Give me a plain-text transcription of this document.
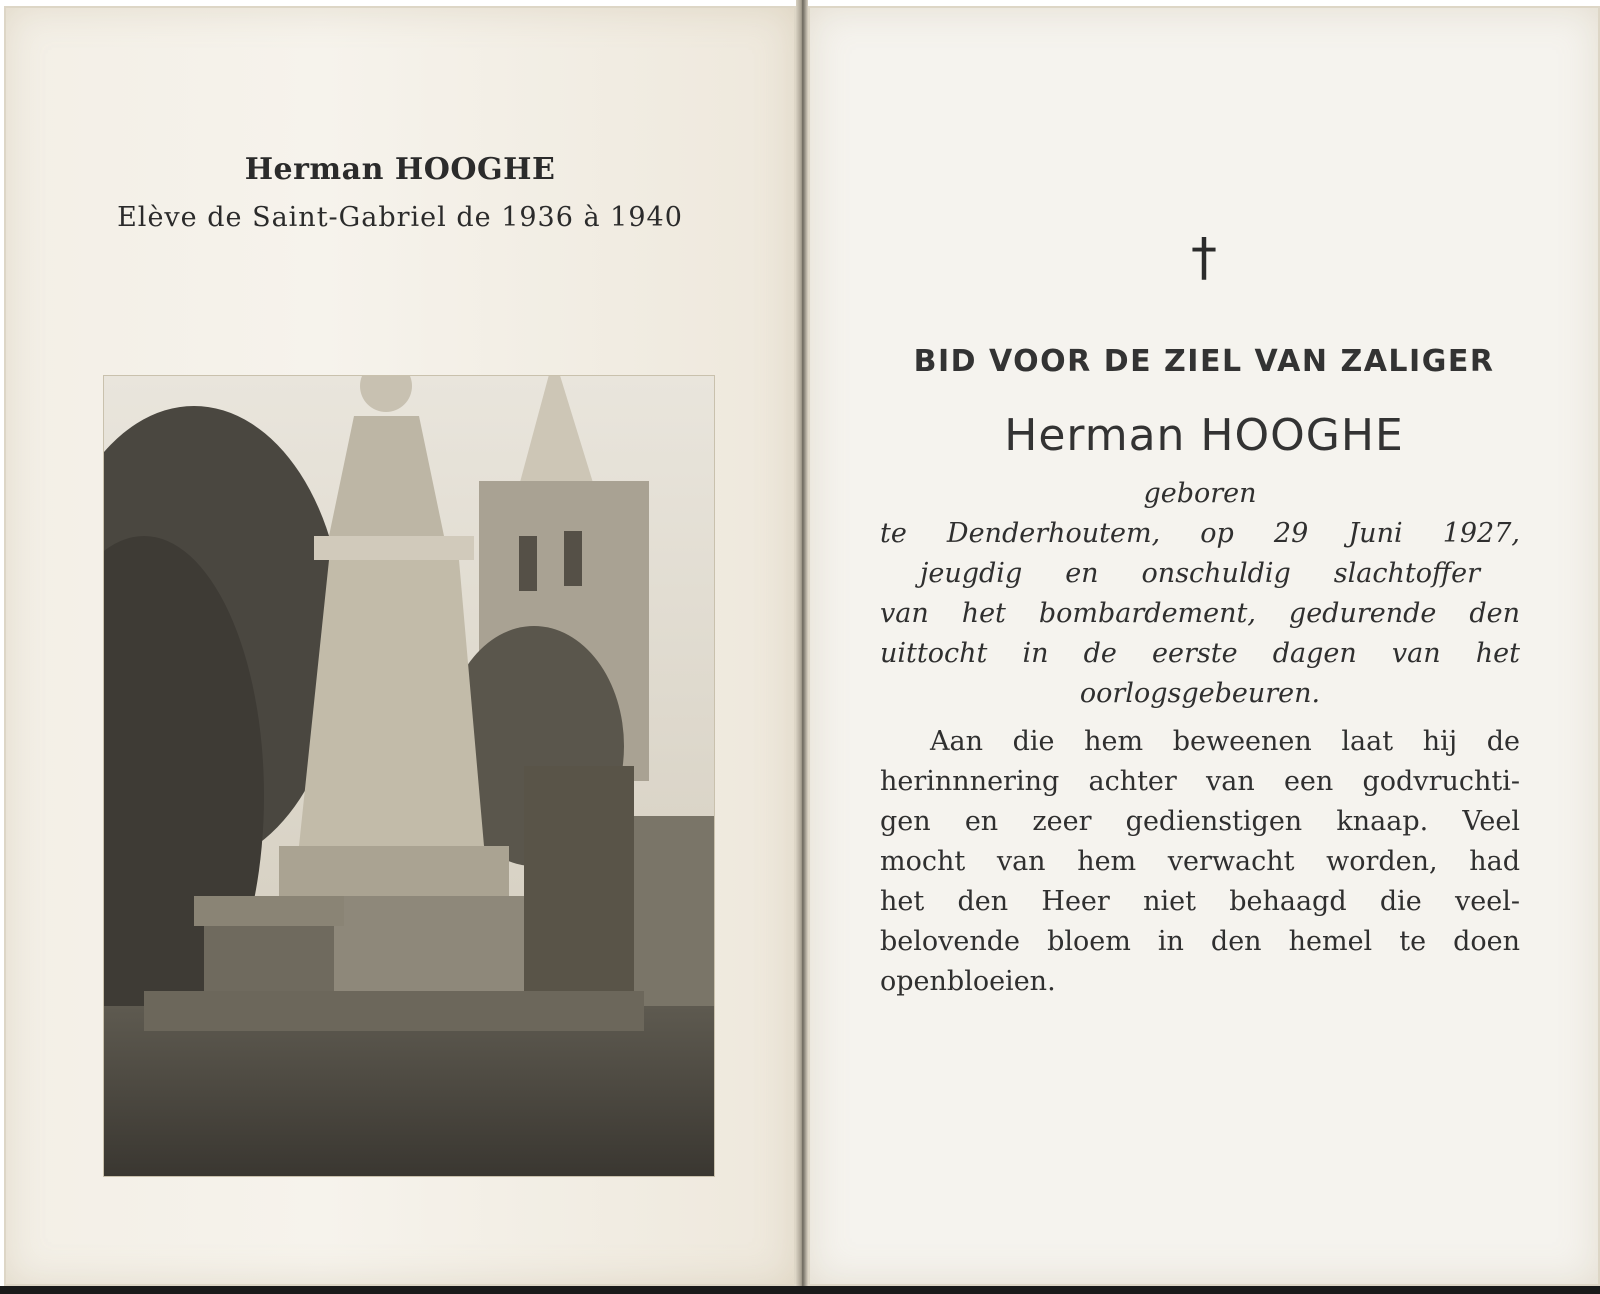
Herman HOOGHE
Elève de Saint-Gabriel de 1936 à 1940
†
BID VOOR DE ZIEL VAN ZALIGER
Herman HOOGHE
geboren
te Denderhoutem, op 29 Juni 1927,
jeugdig en onschuldig slachtoffer
van het bombardement, gedurende den
uittocht in de eerste dagen van het
oorlogsgebeuren.
Aan die hem beweenen laat hij de
herinnnering achter van een godvruchti-
gen en zeer gedienstigen knaap. Veel
mocht van hem verwacht worden, had
het den Heer niet behaagd die veel-
belovende bloem in den hemel te doen
openbloeien.
